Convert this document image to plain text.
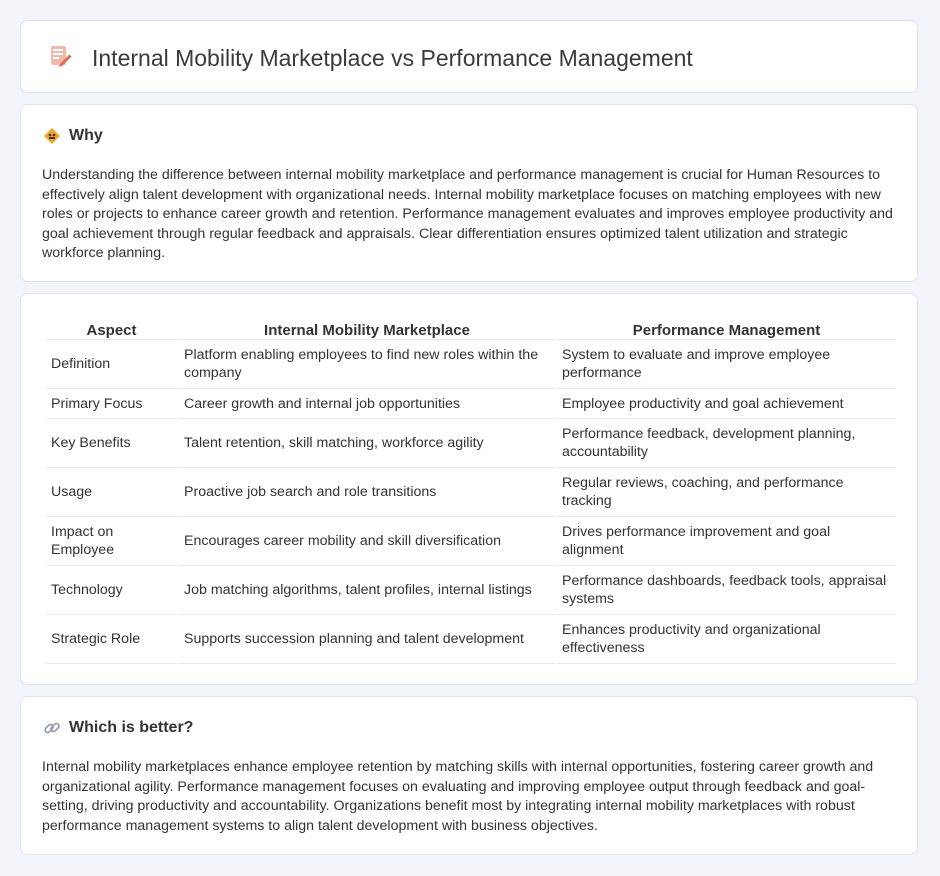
Internal Mobility Marketplace vs Performance Management
Why

Understanding the difference between internal mobility marketplace and performance management is crucial for Human Resources to effectively align talent development with organizational needs. Internal mobility marketplace focuses on matching employees with new roles or projects to enhance career growth and retention. Performance management evaluates and improves employee productivity and goal achievement through regular feedback and appraisals. Clear differentiation ensures optimized talent utilization and strategic workforce planning.

Aspect	Internal Mobility Marketplace	Performance Management
Definition	Platform enabling employees to find new roles within the company	System to evaluate and improve employee performance
Primary Focus	Career growth and internal job opportunities	Employee productivity and goal achievement
Key Benefits	Talent retention, skill matching, workforce agility	Performance feedback, development planning, accountability
Usage	Proactive job search and role transitions	Regular reviews, coaching, and performance tracking
Impact on Employee	Encourages career mobility and skill diversification	Drives performance improvement and goal alignment
Technology	Job matching algorithms, talent profiles, internal listings	Performance dashboards, feedback tools, appraisal systems
Strategic Role	Supports succession planning and talent development	Enhances productivity and organizational effectiveness
Which is better?

Internal mobility marketplaces enhance employee retention by matching skills with internal opportunities, fostering career growth and organizational agility. Performance management focuses on evaluating and improving employee output through feedback and goal-setting, driving productivity and accountability. Organizations benefit most by integrating internal mobility marketplaces with robust performance management systems to align talent development with business objectives.
